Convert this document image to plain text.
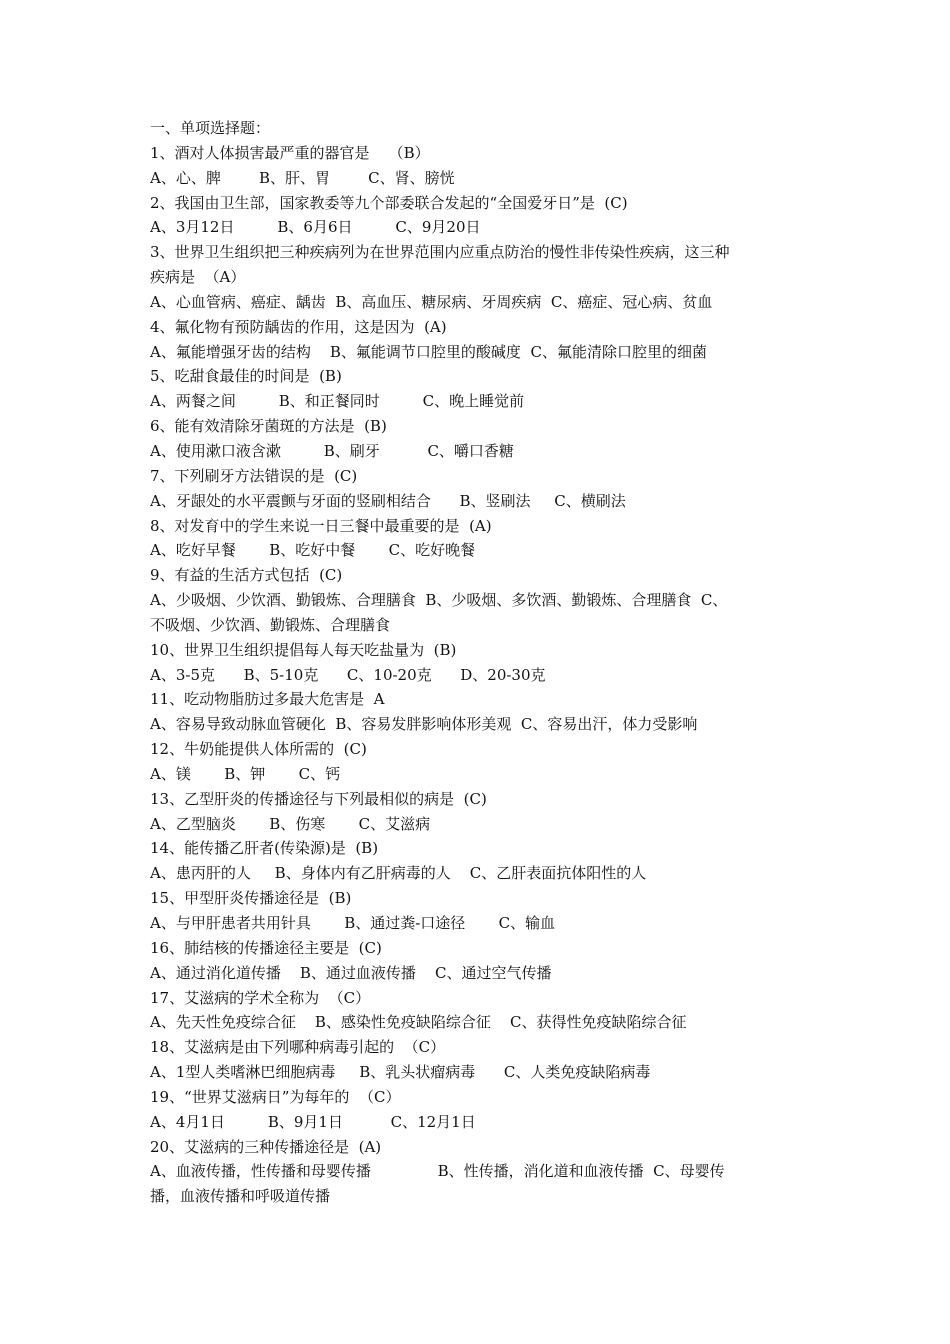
一、单项选择题：
1、酒对人体损害最严重的器官是    （B）
A、心、脾        B、肝、胃        C、肾、膀恍
2、我国由卫生部，国家教委等九个部委联合发起的“全国爱牙日”是  (C)
A、3月12日         B、6月6日         C、9月20日
3、世界卫生组织把三种疾病列为在世界范围内应重点防治的慢性非传染性疾病，这三种
疾病是  （A）
A、心血管病、癌症、龋齿  B、高血压、糖尿病、牙周疾病  C、癌症、冠心病、贫血
4、氟化物有预防龋齿的作用，这是因为  (A)
A、氟能增强牙齿的结构    B、氟能调节口腔里的酸碱度  C、氟能清除口腔里的细菌
5、吃甜食最佳的时间是  (B)
A、两餐之间         B、和正餐同时         C、晚上睡觉前
6、能有效清除牙菌斑的方法是  (B)
A、使用漱口液含漱         B、刷牙          C、嚼口香糖
7、下列刷牙方法错误的是  (C)
A、牙龈处的水平震颤与牙面的竖刷相结合      B、竖刷法     C、横刷法
8、对发育中的学生来说一日三餐中最重要的是  (A)
A、吃好早餐       B、吃好中餐       C、吃好晚餐
9、有益的生活方式包括  (C)
A、少吸烟、少饮酒、勤锻炼、合理膳食  B、少吸烟、多饮酒、勤锻炼、合理膳食  C、
不吸烟、少饮酒、勤锻炼、合理膳食
10、世界卫生组织提倡每人每天吃盐量为  (B)
A、3-5克      B、5-10克      C、10-20克      D、20-30克
11、吃动物脂肪过多最大危害是  A
A、容易导致动脉血管硬化  B、容易发胖影响体形美观  C、容易出汗，体力受影响
12、牛奶能提供人体所需的  (C)
A、镁       B、钾       C、钙
13、乙型肝炎的传播途径与下列最相似的病是  (C)
A、乙型脑炎       B、伤寒       C、艾滋病
14、能传播乙肝者(传染源)是  (B)
A、患丙肝的人     B、身体内有乙肝病毒的人    C、乙肝表面抗体阳性的人
15、甲型肝炎传播途径是  (B)
A、与甲肝患者共用针具       B、通过粪-口途径       C、输血
16、肺结核的传播途径主要是  (C)
A、通过消化道传播    B、通过血液传播    C、通过空气传播
17、艾滋病的学术全称为  （C）
A、先天性免疫综合征    B、感染性免疫缺陷综合征    C、获得性免疫缺陷综合征
18、艾滋病是由下列哪种病毒引起的  （C）
A、1型人类嗜淋巴细胞病毒     B、乳头状瘤病毒      C、人类免疫缺陷病毒
19、“世界艾滋病日”为每年的  （C）
A、4月1日         B、9月1日          C、12月1日
20、艾滋病的三种传播途径是  (A)
A、血液传播，性传播和母婴传播              B、性传播，消化道和血液传播  C、母婴传
播，血液传播和呼吸道传播
